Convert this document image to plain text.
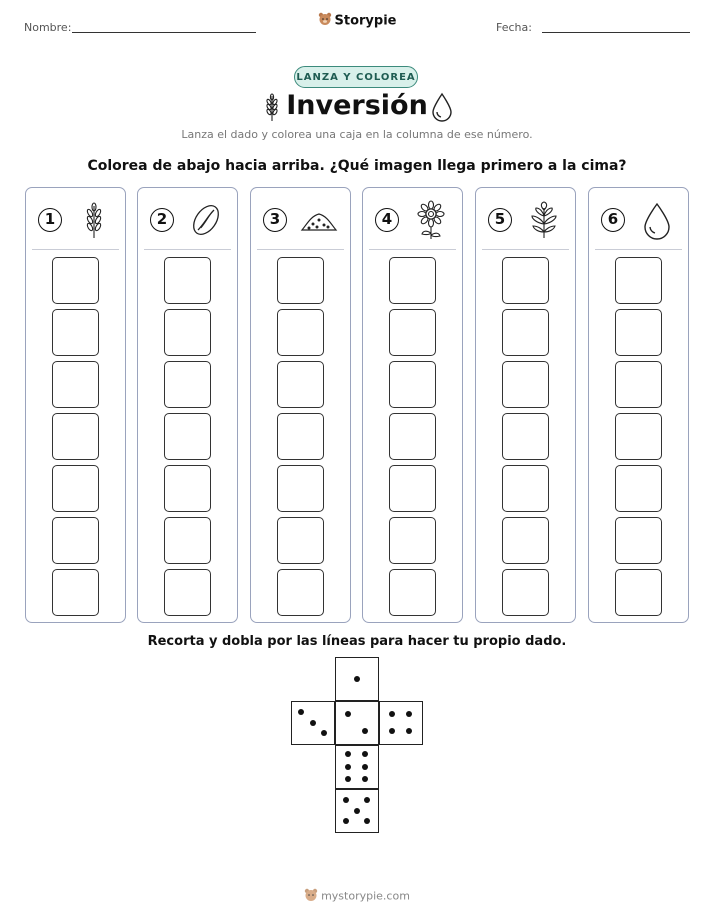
Nombre:	Fecha:
Storypie
LANZA Y COLOREA
Inversión
Lanza el dado y colorea una caja en la columna de ese número.
Colorea de abajo hacia arriba. ¿Qué imagen llega primero a la cima?
1	2	3	4	5	6
Recorta y dobla por las líneas para hacer tu propio dado.
mystorypie.com
